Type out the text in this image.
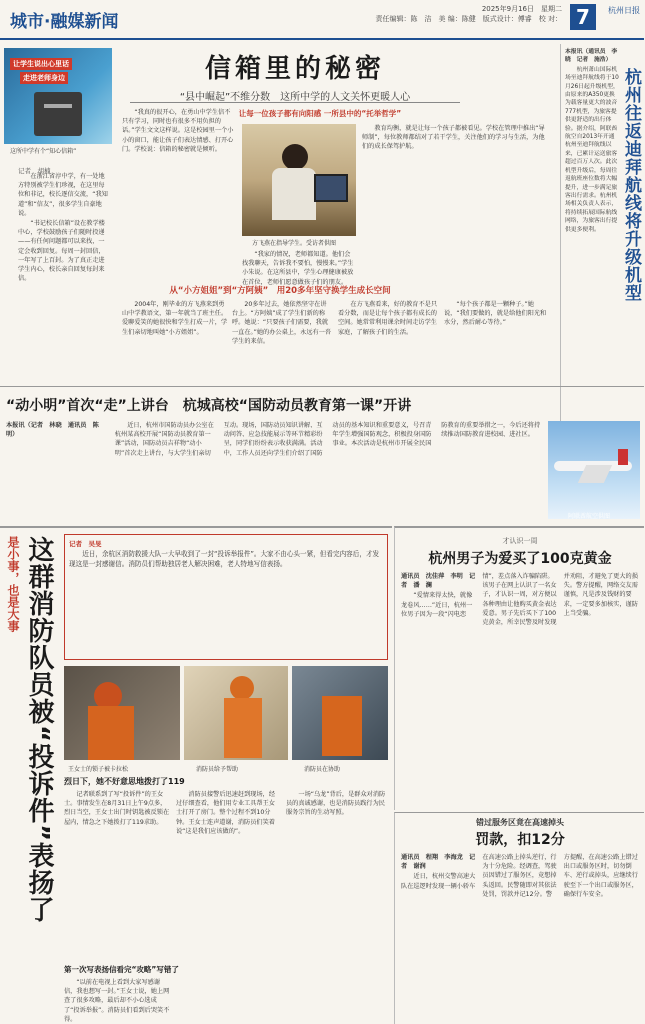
城市·融媒新闻
2025年9月16日　星期二
责任编辑：陈　洁　美 编：陈健　版式设计：傅睿　校 对： 7	杭州日报
信箱里的秘密
“县中崛起”不维分数　这所中学的人文关怀更暖人心
让学生说出心里话
走进老师身边
这所中学有个“知心信箱”
记者　胡楠

在浙江省淳中学，有一处地方特别被学生们珍视，在这里每位和非记，校长逐信交流，“我知道”和“信友”，很多学生自豪地说。

“书记校长信箱”设在教学楼中心，学校鼓励孩子们随时投递——有任何问题都可以来找，一定会收到回复。每周一封回信，一年写了上百封。为了真正走进学生内心，校长亲自回复每封来信。

“我真的很开心，在勇山中学生信不只有学习，同时也有很多不用负担的话。”学生文文这样说。这是校园里一个小小的窗口，能让孩子们表达情感、打开心门。学校说：信箱的秘密就是倾听。

让每一位孩子都有向阳感 一所县中的“托举哲学”
方飞燕在指导学生。受访者供图

“我家的情况，老师都知道。他们会找我聊天，告诉我不要怕，慢慢来。”学生小朱说。在这所县中，学生心理健康被放在首位，老师们愿意做孩子们的朋友。

教育均衡，就是让每一个孩子都被看见。学校在管理中推出“导师制”，每位教师都结对了若干学生，关注他们的学习与生活，为他们的成长保驾护航。

从“小方姐姐”到“方阿姨”　用20多年坚守换学生成长空间

2004年，刚毕业的方飞燕来到勇山中学教语文，第一年就当了班主任。爱聊爱笑的她很快和学生打成一片，学生们亲切地叫她“小方姐姐”。

20多年过去，她依然坚守在讲台上。“方阿姨”成了学生们新的称呼。她说：“只要孩子们需要，我就一直在。”她的办公桌上，永远有一沓学生的来信。

在方飞燕看来，好的教育不是只看分数，而是让每个孩子都有成长的空间。她常常利用课余时间走访学生家庭，了解孩子们的生活。

“每个孩子都是一颗种子。”她说，“我们要做的，就是给他们阳光和水分，然后耐心等待。”

杭州往返迪拜航线将升级机型

本报讯（通讯员　李晓　记者　施浩）

杭州萧山国际机场至迪拜航线将于10月26日起升级机型，由原来的A350更换为载客量更大的波音777机型，为旅客提供更舒适的出行体验。据介绍，阿联酋航空自2013年开通杭州至迪拜航线以来，已累计运送旅客超过百万人次。此次机型升级后，每周往返航班座位数将大幅提升，进一步满足旅客出行需求。杭州机场相关负责人表示，将持续拓展国际航线网络，为旅客出行提供更多便利。

“动小明”首次“走”上讲台　杭城高校“国防动员教育第一课”开讲

本报讯（记者　林晓　通讯员　陈明）

近日，杭州市国防动员办公室在杭州某高校开展“国防动员教育第一课”活动，国防动员吉祥物“动小明”首次走上讲台，与大学生们亲切互动。现场，国防动员知识讲解、互动问答、应急技能展示等环节精彩纷呈，同学们纷纷表示收获满满。活动中，工作人员还向学生们介绍了国防动员的基本知识和重要意义，号召青年学生增强国防观念，积极投身国防事业。本次活动是杭州市开展全民国防教育的重要举措之一，今后还将持续推动国防教育进校园、进社区。

阿联酋航空供图
是小事，也是大事 这群消防队员被“投诉件”表扬了 记者　吴旻

近日，余杭区消防救援大队一大早收到了一封“投诉举报件”。大家不由心头一紧，但看完内容后，才发现这是一封感谢信。消防员们帮助独居老人解决困难，老人特地写信表扬。

王女士的锁子被卡拉松	消防员给予帮助	消防员在协助
烈日下，她不好意思地拨打了119

记者联系到了写“投诉件”的王女士。事情发生在8月31日上午9点多，烈日当空，王女士出门时钥匙被反锁在屋内，情急之下她拨打了119求助。

消防员接警后迅速赶到现场，经过仔细查看，他们用专业工具帮王女士打开了房门。整个过程不到10分钟。王女士连声道谢，消防员们笑着说“这是我们应该做的”。

第一次写表扬信看完“攻略”写错了

“以前在电视上看到大家写感谢信，我也想写一封。”王女士说，她上网查了很多攻略，最后却不小心选成了“投诉举报”。消防员们看到后哭笑不得。

一场“乌龙”背后，是群众对消防员的真诚感谢，也是消防员践行为民服务宗旨的生动写照。

才认识一周
杭州男子为爱买了100克黄金

通讯员　沈佳萍　李明　记者　潘　澜

“爱情来得太快，就像龙卷风……”近日，杭州一位男子因为一段“闪电恋情”，差点落入诈骗陷阱。该男子在网上认识了一名女子，才认识一周，对方便以各种理由让他购买黄金表达爱意。男子先后买下了100克黄金，所幸民警及时发现并劝阻，才避免了更大的损失。警方提醒，网络交友需谨慎，凡是涉及钱财的要求，一定要多加核实，谨防上当受骗。

错过服务区竟在高速掉头
罚款，扣12分

通讯员　程翔　李海龙　记者　谢润

近日，杭州交警高速大队在巡逻时发现一辆小轿车在高速公路上掉头逆行，行为十分危险。经调查，驾驶员因错过了服务区，竟想掉头返回。民警随即对其依法处罚，罚款并记12分。警方提醒，在高速公路上错过出口或服务区时，切勿倒车、逆行或掉头，应继续行驶至下一个出口或服务区，确保行车安全。
